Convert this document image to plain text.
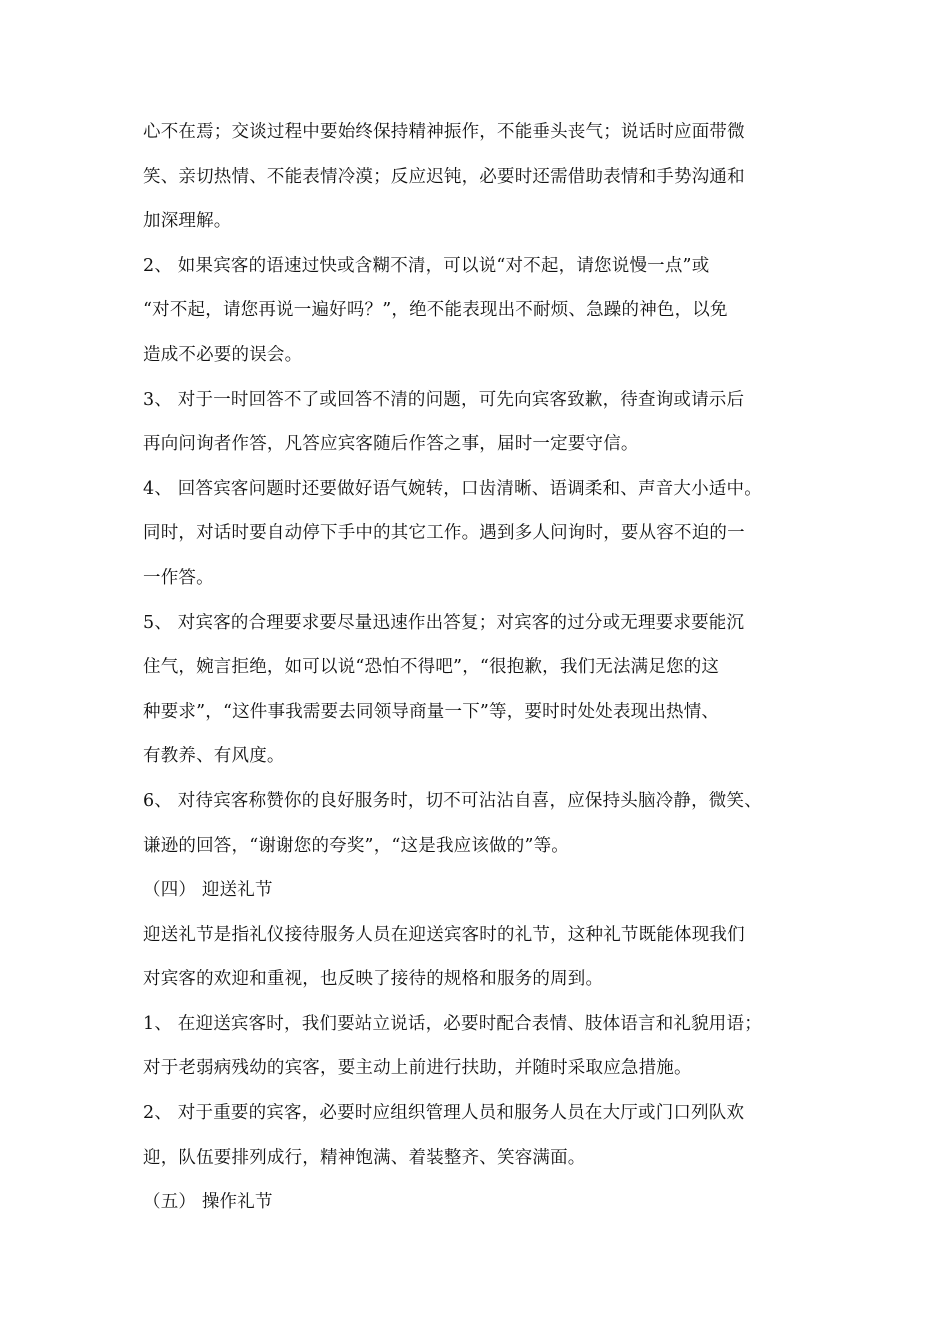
心不在焉；交谈过程中要始终保持精神振作，不能垂头丧气；说话时应面带微
笑、亲切热情、不能表情冷漠；反应迟钝，必要时还需借助表情和手势沟通和
加深理解。
2、 如果宾客的语速过快或含糊不清，可以说“对不起，请您说慢一点”或
“对不起，请您再说一遍好吗？”，绝不能表现出不耐烦、急躁的神色，以免
造成不必要的误会。
3、 对于一时回答不了或回答不清的问题，可先向宾客致歉，待查询或请示后
再向问询者作答，凡答应宾客随后作答之事，届时一定要守信。
4、 回答宾客问题时还要做好语气婉转，口齿清晰、语调柔和、声音大小适中。
同时，对话时要自动停下手中的其它工作。遇到多人问询时，要从容不迫的一
一作答。
5、 对宾客的合理要求要尽量迅速作出答复；对宾客的过分或无理要求要能沉
住气，婉言拒绝，如可以说“恐怕不得吧”，“很抱歉，我们无法满足您的这
种要求”，“这件事我需要去同领导商量一下”等，要时时处处表现出热情、
有教养、有风度。
6、 对待宾客称赞你的良好服务时，切不可沾沾自喜，应保持头脑冷静，微笑、
谦逊的回答，“谢谢您的夸奖”，“这是我应该做的”等。
（四） 迎送礼节
迎送礼节是指礼仪接待服务人员在迎送宾客时的礼节，这种礼节既能体现我们
对宾客的欢迎和重视，也反映了接待的规格和服务的周到。
1、 在迎送宾客时，我们要站立说话，必要时配合表情、肢体语言和礼貌用语；
对于老弱病残幼的宾客，要主动上前进行扶助，并随时采取应急措施。
2、 对于重要的宾客，必要时应组织管理人员和服务人员在大厅或门口列队欢
迎，队伍要排列成行，精神饱满、着装整齐、笑容满面。
（五） 操作礼节
